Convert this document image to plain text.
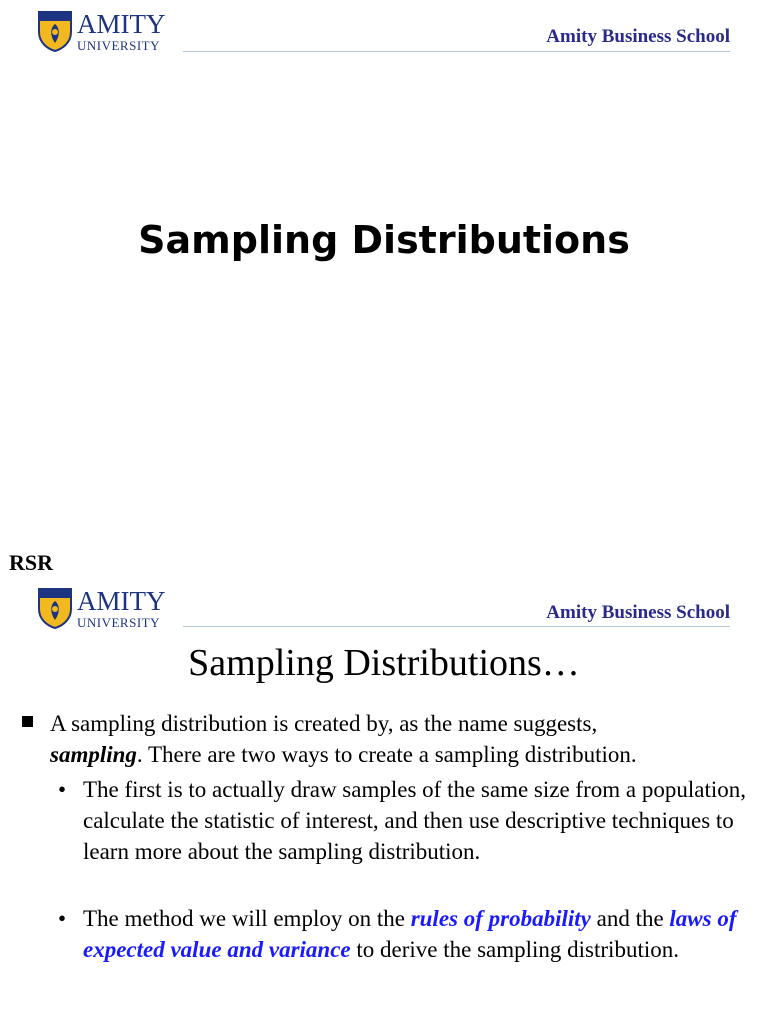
AMITY
UNIVERSITY	Amity Business School
Sampling Distributions
RSR
AMITY
UNIVERSITY	Amity Business School
Sampling Distributions…
A sampling distribution is created by, as the name suggests,
sampling. There are two ways to create a sampling distribution.
• The first is to actually draw samples of the same size from a population, calculate the statistic of interest, and then use descriptive techniques to learn more about the sampling distribution.
• The method we will employ on the rules of probability and the laws of expected value and variance to derive the sampling distribution.
